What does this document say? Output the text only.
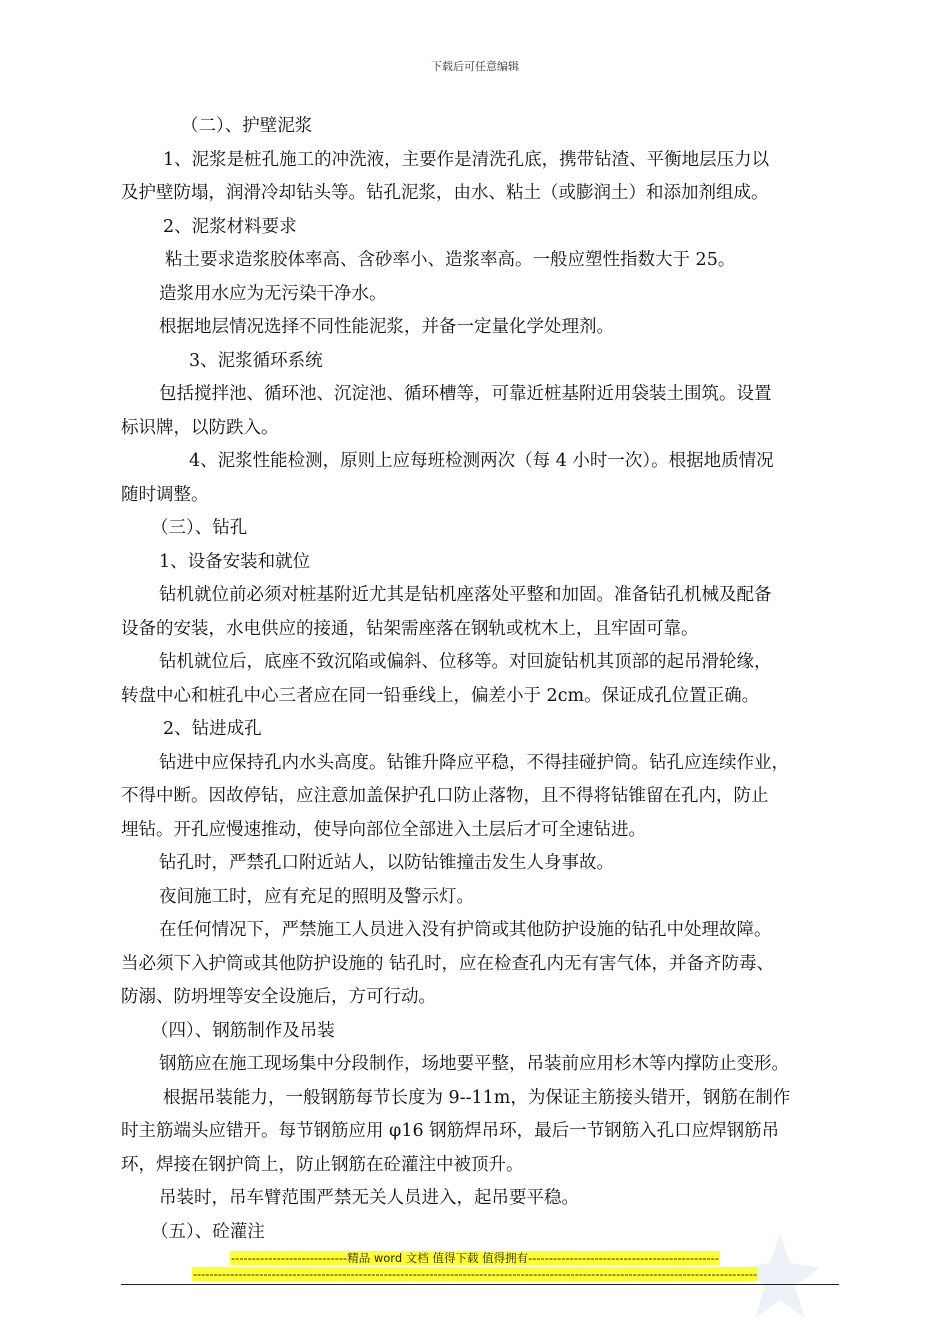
下载后可任意编辑

（二）、护壁泥浆

1、泥浆是桩孔施工的冲洗液，主要作是清洗孔底，携带钻渣、平衡地层压力以

及护壁防塌，润滑冷却钻头等。钻孔泥浆，由水、粘土（或膨润土）和添加剂组成。

2、泥浆材料要求

粘土要求造浆胶体率高、含砂率小、造浆率高。一般应塑性指数大于 25。

造浆用水应为无污染干净水。

根据地层情况选择不同性能泥浆，并备一定量化学处理剂。

3、泥浆循环系统

包括搅拌池、循环池、沉淀池、循环槽等，可靠近桩基附近用袋装土围筑。设置

标识牌，以防跌入。

4、泥浆性能检测，原则上应每班检测两次（每 4 小时一次）。根据地质情况

随时调整。

（三）、钻孔

1、设备安装和就位

钻机就位前必须对桩基附近尤其是钻机座落处平整和加固。准备钻孔机械及配备

设备的安装，水电供应的接通，钻架需座落在钢轨或枕木上，且牢固可靠。

钻机就位后，底座不致沉陷或偏斜、位移等。对回旋钻机其顶部的起吊滑轮缘，

转盘中心和桩孔中心三者应在同一铅垂线上，偏差小于 2cm。保证成孔位置正确。

2、钻进成孔

钻进中应保持孔内水头高度。钻锥升降应平稳，不得挂碰护筒。钻孔应连续作业，

不得中断。因故停钻，应注意加盖保护孔口防止落物，且不得将钻锥留在孔内，防止

埋钻。开孔应慢速推动，使导向部位全部进入土层后才可全速钻进。

钻孔时，严禁孔口附近站人，以防钻锥撞击发生人身事故。

夜间施工时，应有充足的照明及警示灯。

在任何情况下，严禁施工人员进入没有护筒或其他防护设施的钻孔中处理故障。

当必须下入护筒或其他防护设施的 钻孔时，应在检查孔内无有害气体，并备齐防毒、

防溺、防坍埋等安全设施后，方可行动。

（四）、钢筋制作及吊装

钢筋应在施工现场集中分段制作，场地要平整，吊装前应用杉木等内撑防止变形。

根据吊装能力，一般钢筋每节长度为 9--11m，为保证主筋接头错开，钢筋在制作

时主筋端头应错开。每节钢筋应用 φ16 钢筋焊吊环，最后一节钢筋入孔口应焊钢筋吊

环，焊接在钢护筒上，防止钢筋在砼灌注中被顶升。

吊装时，吊车臂范围严禁无关人员进入，起吊要平稳。

（五）、砼灌注

----------------------------精品 word 文档 值得下载 值得拥有----------------------------------------------
----------------------------------------------------------------------------------------------------------------------------------------
